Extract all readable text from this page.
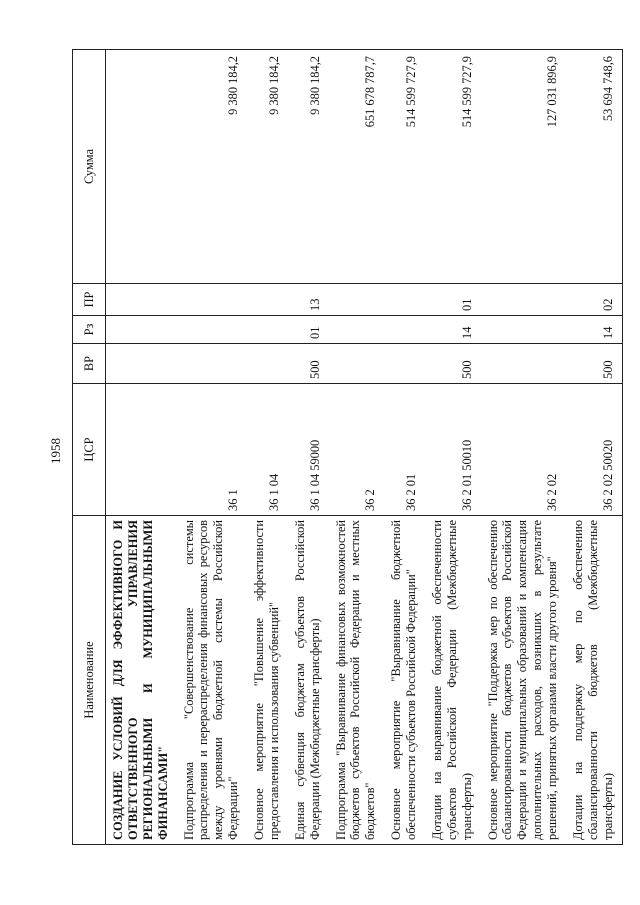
1958
Наименование	ЦСР	ВР	Рз	ПР	Сумма
СОЗДАНИЕ УСЛОВИЙ ДЛЯ ЭФФЕКТИВНОГО И ОТВЕТСТВЕННОГО УПРАВЛЕНИЯ РЕГИОНАЛЬНЫМИ И МУНИЦИПАЛЬНЫМИ ФИНАНСАМИ"					
Подпрограмма "Совершенствование системы распределения и перераспределения финансовых ресурсов между уровнями бюджетной системы Российской Федерации"	36 1				9 380 184,2
Основное мероприятие "Повышение эффективности предоставления и использования субвенций"	36 1 04				9 380 184,2
Единая субвенция бюджетам субъектов Российской Федерации (Межбюджетные трансферты)	36 1 04 59000	500	01	13	9 380 184,2
Подпрограмма "Выравнивание финансовых возможностей бюджетов субъектов Российской Федерации и местных бюджетов"	36 2				651 678 787,7
Основное мероприятие "Выравнивание бюджетной обеспеченности субъектов Российской Федерации"	36 2 01				514 599 727,9
Дотации на выравнивание бюджетной обеспеченности субъектов Российской Федерации (Межбюджетные трансферты)	36 2 01 50010	500	14	01	514 599 727,9
Основное мероприятие "Поддержка мер по обеспечению сбалансированности бюджетов субъектов Российской Федерации и муниципальных образований и компенсация дополнительных расходов, возникших в результате решений, принятых органами власти другого уровня"	36 2 02				127 031 896,9
Дотации на поддержку мер по обеспечению сбалансированности бюджетов (Межбюджетные трансферты)	36 2 02 50020	500	14	02	53 694 748,6
